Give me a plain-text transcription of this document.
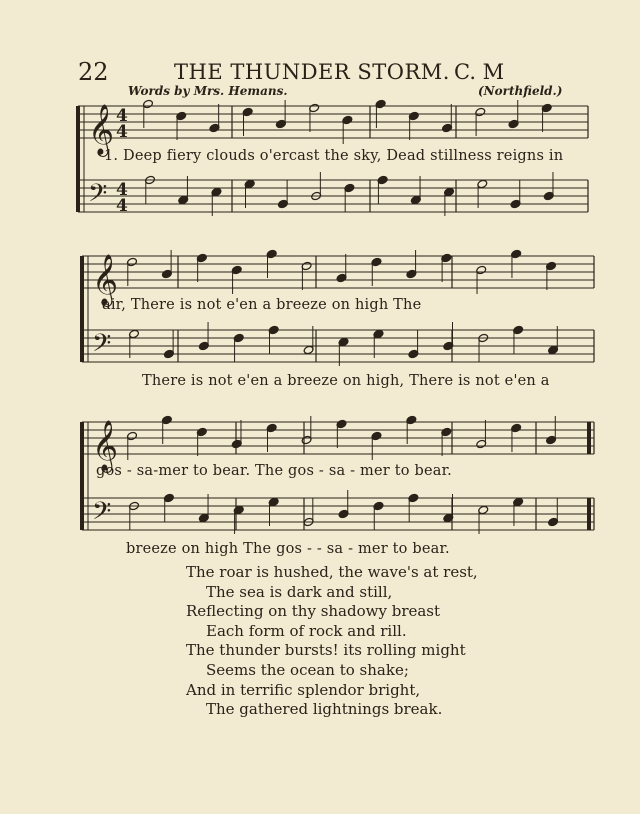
22	THE THUNDER STORM. C. M
Words by Mrs. Hemans.	(Northfield.)
𝄞
𝄢
4
4
4
4
𝄞
𝄢
𝄞
𝄢
1. Deep fiery clouds o'ercast the sky, Dead stillness reigns in
air, There is not e'en a breeze on high The
There is not e'en a breeze on high, There is not e'en a
gos - sa-mer to bear. The gos - sa - mer to bear.
breeze on high The gos - - sa - mer to bear.
The roar is hushed, the wave's at rest,
The sea is dark and still,
Reflecting on thy shadowy breast
Each form of rock and rill.
The thunder bursts! its rolling might
Seems the ocean to shake;
And in terrific splendor bright,
The gathered lightnings break.
